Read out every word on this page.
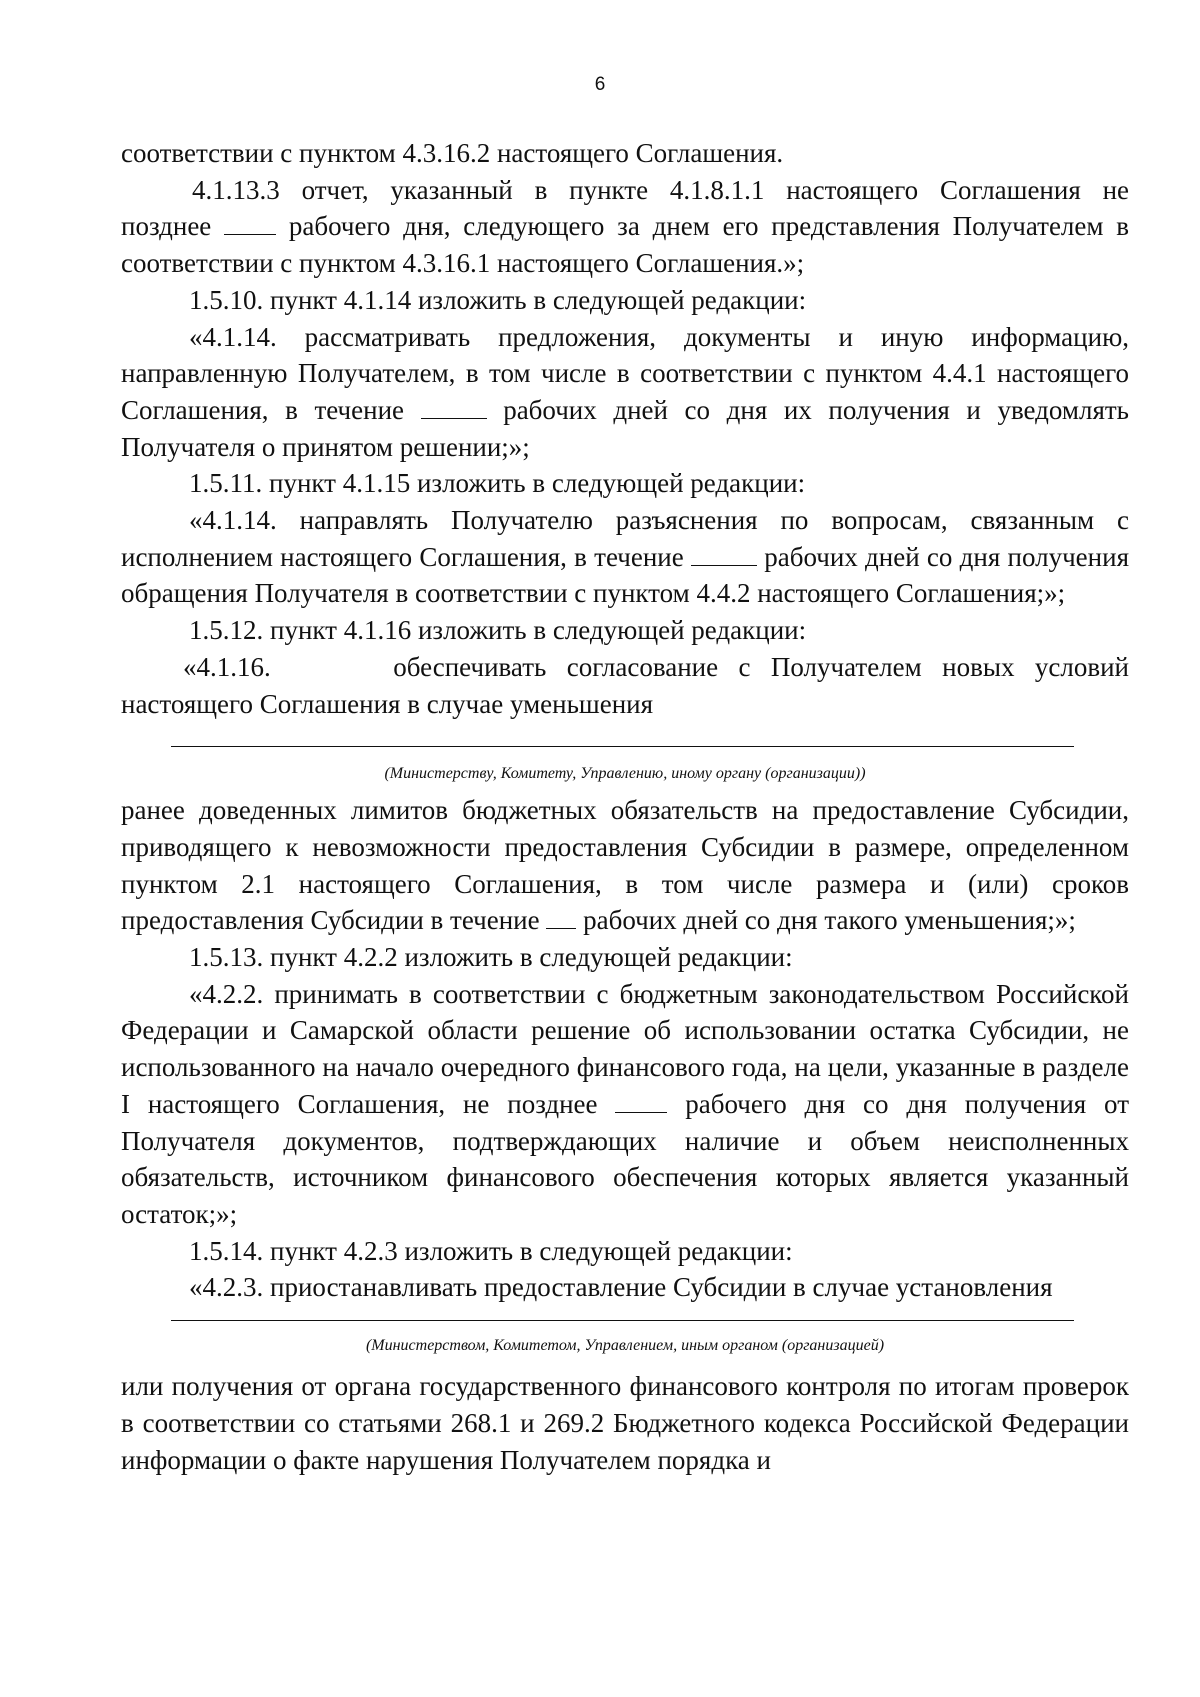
6

соответствии с пунктом 4.3.16.2 настоящего Соглашения.

4.1.13.3 отчет, указанный в пункте 4.1.8.1.1 настоящего Соглашения не

позднее	рабочего дня, следующего за днем его представления Получателем в соответствии с пунктом 4.3.16.1 настоящего Соглашения.»;

1.5.10. пункт 4.1.14 изложить в следующей редакции:

«4.1.14. рассматривать предложения, документы и иную информацию, направленную Получателем, в том числе в соответствии с пунктом 4.4.1 настоящего Соглашения, в течение	рабочих дней со дня их получения и уведомлять Получателя о принятом решении;»;

1.5.11. пункт 4.1.15 изложить в следующей редакции:

«4.1.14. направлять Получателю разъяснения по вопросам, связанным с исполнением настоящего Соглашения, в течение	рабочих дней со дня получения обращения Получателя в соответствии с пунктом 4.4.2 настоящего Соглашения;»;

1.5.12. пункт 4.1.16 изложить в следующей редакции:

«4.1.16.      обеспечивать согласование с Получателем новых условий

настоящего Соглашения в случае уменьшения

(Министерству, Комитету, Управлению, иному органу (организации))

ранее доведенных лимитов бюджетных обязательств на предоставление Субсидии, приводящего к невозможности предоставления Субсидии в размере, определенном пунктом 2.1 настоящего Соглашения, в том числе размера и (или) сроков предоставления Субсидии в течение рабочих дней со дня такого уменьшения;»;

1.5.13. пункт 4.2.2 изложить в следующей редакции:

«4.2.2. принимать в соответствии с бюджетным законодательством Российской Федерации и Самарской области решение об использовании остатка Субсидии, не использованного на начало очередного финансового года, на цели, указанные в разделе I настоящего Соглашения, не позднее	рабочего дня со дня получения от Получателя документов, подтверждающих наличие и объем неисполненных обязательств, источником финансового обеспечения которых является указанный остаток;»;

1.5.14. пункт 4.2.3 изложить в следующей редакции:

«4.2.3. приостанавливать предоставление Субсидии в случае установления

(Министерством, Комитетом, Управлением, иным органом (организацией)

или получения от органа государственного финансового контроля по итогам проверок в соответствии со статьями 268.1 и 269.2 Бюджетного кодекса Российской Федерации информации о факте нарушения Получателем порядка и
